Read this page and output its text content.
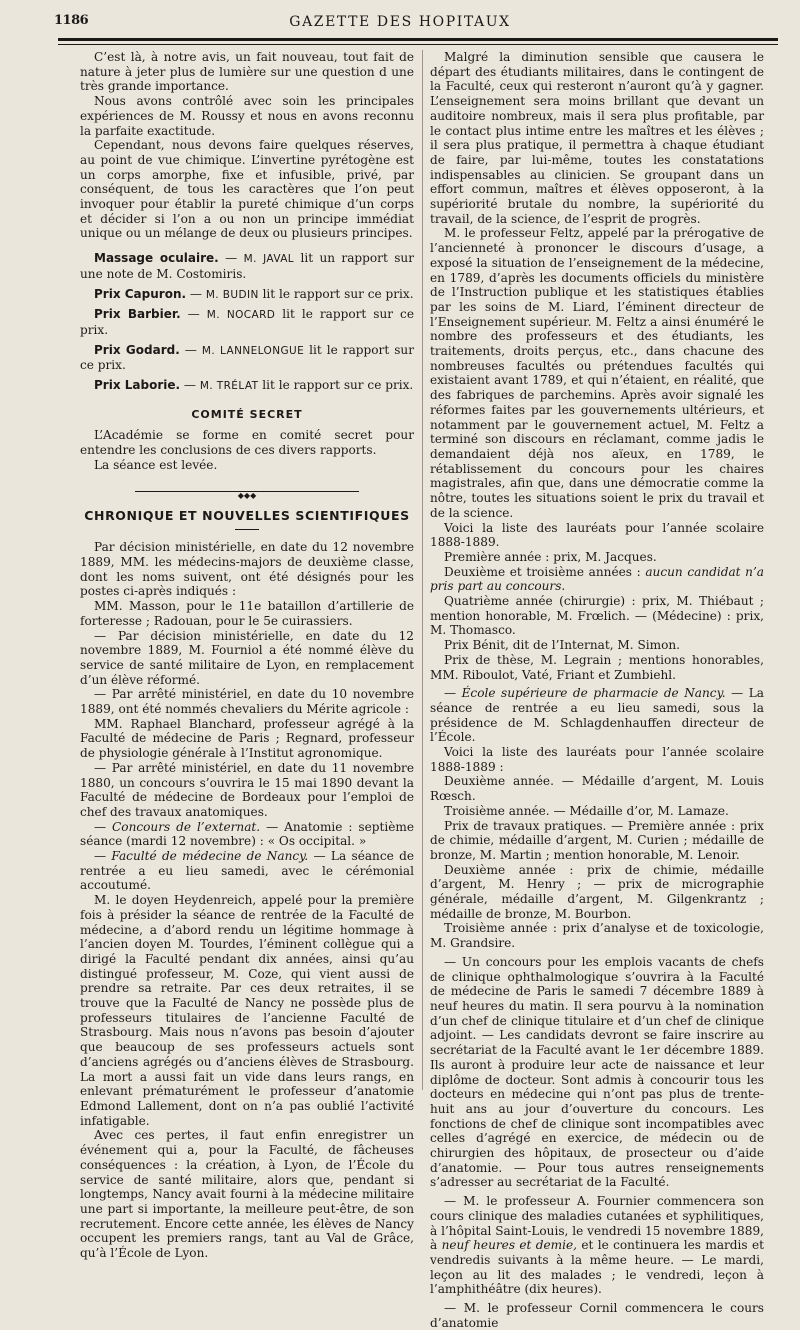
1186	GAZETTE DES HOPITAUX

C’est là, à notre avis, un fait nouveau, tout fait de nature à jeter plus de lumière sur une question d une très grande importance.

Nous avons contrôlé avec soin les principales expériences de M. Roussy et nous en avons reconnu la parfaite exactitude.

Cependant, nous devons faire quelques réserves, au point de vue chimique. L’invertine pyrétogène est un corps amorphe, fixe et infusible, privé, par conséquent, de tous les caractères que l’on peut invoquer pour établir la pureté chimique d’un corps et décider si l’on a ou non un principe immédiat unique ou un mélange de deux ou plusieurs principes.

Massage oculaire. — M. JAVAL lit un rapport sur une note de M. Costomiris.

Prix Capuron. — M. BUDIN lit le rapport sur ce prix.

Prix Barbier. — M. NOCARD lit le rapport sur ce prix.

Prix Godard. — M. LANNELONGUE lit le rapport sur ce prix.

Prix Laborie. — M. TRÉLAT lit le rapport sur ce prix.

COMITÉ SECRET

L’Académie se forme en comité secret pour entendre les conclusions de ces divers rapports.

La séance est levée.

◆◆◆
CHRONIQUE ET NOUVELLES SCIENTIFIQUES

Par décision ministérielle, en date du 12 novembre 1889, MM. les médecins-majors de deuxième classe, dont les noms suivent, ont été désignés pour les postes ci-après indiqués :

MM. Masson, pour le 11e bataillon d’artillerie de forteresse ; Radouan, pour le 5e cuirassiers.

— Par décision ministérielle, en date du 12 novembre 1889, M. Fourniol a été nommé élève du service de santé militaire de Lyon, en remplacement d’un élève réformé.

— Par arrêté ministériel, en date du 10 novembre 1889, ont été nommés chevaliers du Mérite agricole :

MM. Raphael Blanchard, professeur agrégé à la Faculté de médecine de Paris ; Regnard, professeur de physiologie générale à l’Institut agronomique.

— Par arrêté ministériel, en date du 11 novembre 1880, un concours s’ouvrira le 15 mai 1890 devant la Faculté de médecine de Bordeaux pour l’emploi de chef des travaux anatomiques.

— Concours de l’externat. — Anatomie : septième séance (mardi 12 novembre) : « Os occipital. »

— Faculté de médecine de Nancy. — La séance de rentrée a eu lieu samedi, avec le cérémonial accoutumé.

M. le doyen Heydenreich, appelé pour la première fois à présider la séance de rentrée de la Faculté de médecine, a d’abord rendu un légitime hommage à l’ancien doyen M. Tourdes, l’éminent collègue qui a dirigé la Faculté pendant dix années, ainsi qu’au distingué professeur, M. Coze, qui vient aussi de prendre sa retraite. Par ces deux retraites, il se trouve que la Faculté de Nancy ne possède plus de professeurs titulaires de l’ancienne Faculté de Strasbourg. Mais nous n’avons pas besoin d’ajouter que beaucoup de ses professeurs actuels sont d’anciens agrégés ou d’anciens élèves de Strasbourg. La mort a aussi fait un vide dans leurs rangs, en enlevant prématurément le professeur d’anatomie Edmond Lallement, dont on n’a pas oublié l’activité infatigable.

Avec ces pertes, il faut enfin enregistrer un événement qui a, pour la Faculté, de fâcheuses conséquences : la création, à Lyon, de l’École du service de santé militaire, alors que, pendant si longtemps, Nancy avait fourni à la médecine militaire une part si importante, la meilleure peut-être, de son recrutement. Encore cette année, les élèves de Nancy occupent les premiers rangs, tant au Val de Grâce, qu’à l’École de Lyon.

Malgré la diminution sensible que causera le départ des étudiants militaires, dans le contingent de la Faculté, ceux qui resteront n’auront qu’à y gagner. L’enseignement sera moins brillant que devant un auditoire nombreux, mais il sera plus profitable, par le contact plus intime entre les maîtres et les élèves ; il sera plus pratique, il permettra à chaque étudiant de faire, par lui-même, toutes les constatations indispensables au clinicien. Se groupant dans un effort commun, maîtres et élèves opposeront, à la supériorité brutale du nombre, la supériorité du travail, de la science, de l’esprit de progrès.

M. le professeur Feltz, appelé par la prérogative de l’ancienneté à prononcer le discours d’usage, a exposé la situation de l’enseignement de la médecine, en 1789, d’après les documents officiels du ministère de l’Instruction publique et les statistiques établies par les soins de M. Liard, l’éminent directeur de l’Enseignement supérieur. M. Feltz a ainsi énuméré le nombre des professeurs et des étudiants, les traitements, droits perçus, etc., dans chacune des nombreuses facultés ou prétendues facultés qui existaient avant 1789, et qui n’étaient, en réalité, que des fabriques de parchemins. Après avoir signalé les réformes faites par les gouvernements ultérieurs, et notamment par le gouvernement actuel, M. Feltz a terminé son discours en réclamant, comme jadis le demandaient déjà nos aïeux, en 1789, le rétablissement du concours pour les chaires magistrales, afin que, dans une démocratie comme la nôtre, toutes les situations soient le prix du travail et de la science.

Voici la liste des lauréats pour l’année scolaire 1888-1889.

Première année : prix, M. Jacques.

Deuxième et troisième années : aucun candidat n’a pris part au concours.

Quatrième année (chirurgie) : prix, M. Thiébaut ; mention honorable, M. Frœlich. — (Médecine) : prix, M. Thomasco.

Prix Bénit, dit de l’Internat, M. Simon.

Prix de thèse, M. Legrain ; mentions honorables, MM. Riboulot, Vaté, Friant et Zumbiehl.

— École supérieure de pharmacie de Nancy. — La séance de rentrée a eu lieu samedi, sous la présidence de M. Schlagdenhauffen directeur de l’École.

Voici la liste des lauréats pour l’année scolaire 1888-1889 :

Deuxième année. — Médaille d’argent, M. Louis Rœsch.

Troisième année. — Médaille d’or, M. Lamaze.

Prix de travaux pratiques. — Première année : prix de chimie, médaille d’argent, M. Curien ; médaille de bronze, M. Martin ; mention honorable, M. Lenoir.

Deuxième année : prix de chimie, médaille d’argent, M. Henry ; — prix de micrographie générale, médaille d’argent, M. Gilgenkrantz ; médaille de bronze, M. Bourbon.

Troisième année : prix d’analyse et de toxicologie, M. Grandsire.

— Un concours pour les emplois vacants de chefs de clinique ophthalmologique s’ouvrira à la Faculté de médecine de Paris le samedi 7 décembre 1889 à neuf heures du matin. Il sera pourvu à la nomination d’un chef de clinique titulaire et d’un chef de clinique adjoint. — Les candidats devront se faire inscrire au secrétariat de la Faculté avant le 1er décembre 1889. Ils auront à produire leur acte de naissance et leur diplôme de docteur. Sont admis à concourir tous les docteurs en médecine qui n’ont pas plus de trente-huit ans au jour d’ouverture du concours. Les fonctions de chef de clinique sont incompatibles avec celles d’agrégé en exercice, de médecin ou de chirurgien des hôpitaux, de prosecteur ou d’aide d’anatomie. — Pour tous autres renseignements s’adresser au secrétariat de la Faculté.

— M. le professeur A. Fournier commencera son cours clinique des maladies cutanées et syphilitiques, à l’hôpital Saint-Louis, le vendredi 15 novembre 1889, à neuf heures et demie, et le continuera les mardis et vendredis suivants à la même heure. — Le mardi, leçon au lit des malades ; le vendredi, leçon à l’amphithéâtre (dix heures).

— M. le professeur Cornil commencera le cours d’anatomie
